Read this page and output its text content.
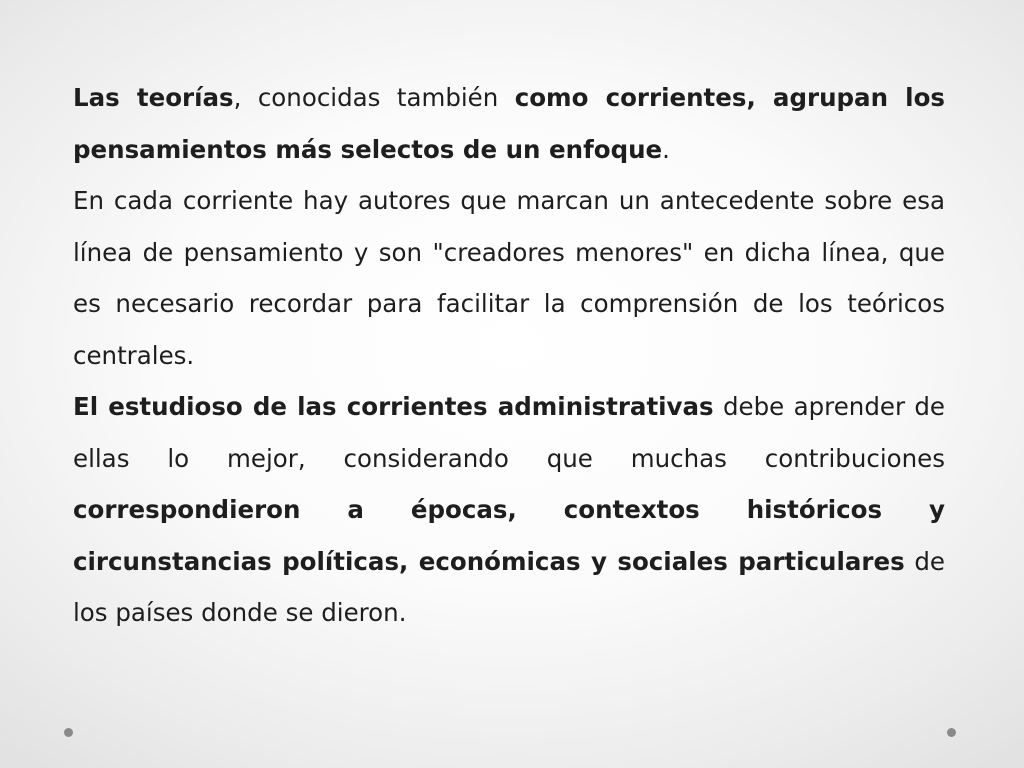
Las teorías, conocidas también como corrientes, agrupan los pensamientos más selectos de un enfoque.

En cada corriente hay autores que marcan un antecedente sobre esa línea de pensamiento y son "creadores menores" en dicha línea, que es necesario recordar para facilitar la comprensión de los teóricos centrales.

El estudioso de las corrientes administrativas debe aprender de ellas lo mejor, considerando que muchas contribuciones correspondieron a épocas, contextos históricos y circunstancias políticas, económicas y sociales particulares de los países donde se dieron.
